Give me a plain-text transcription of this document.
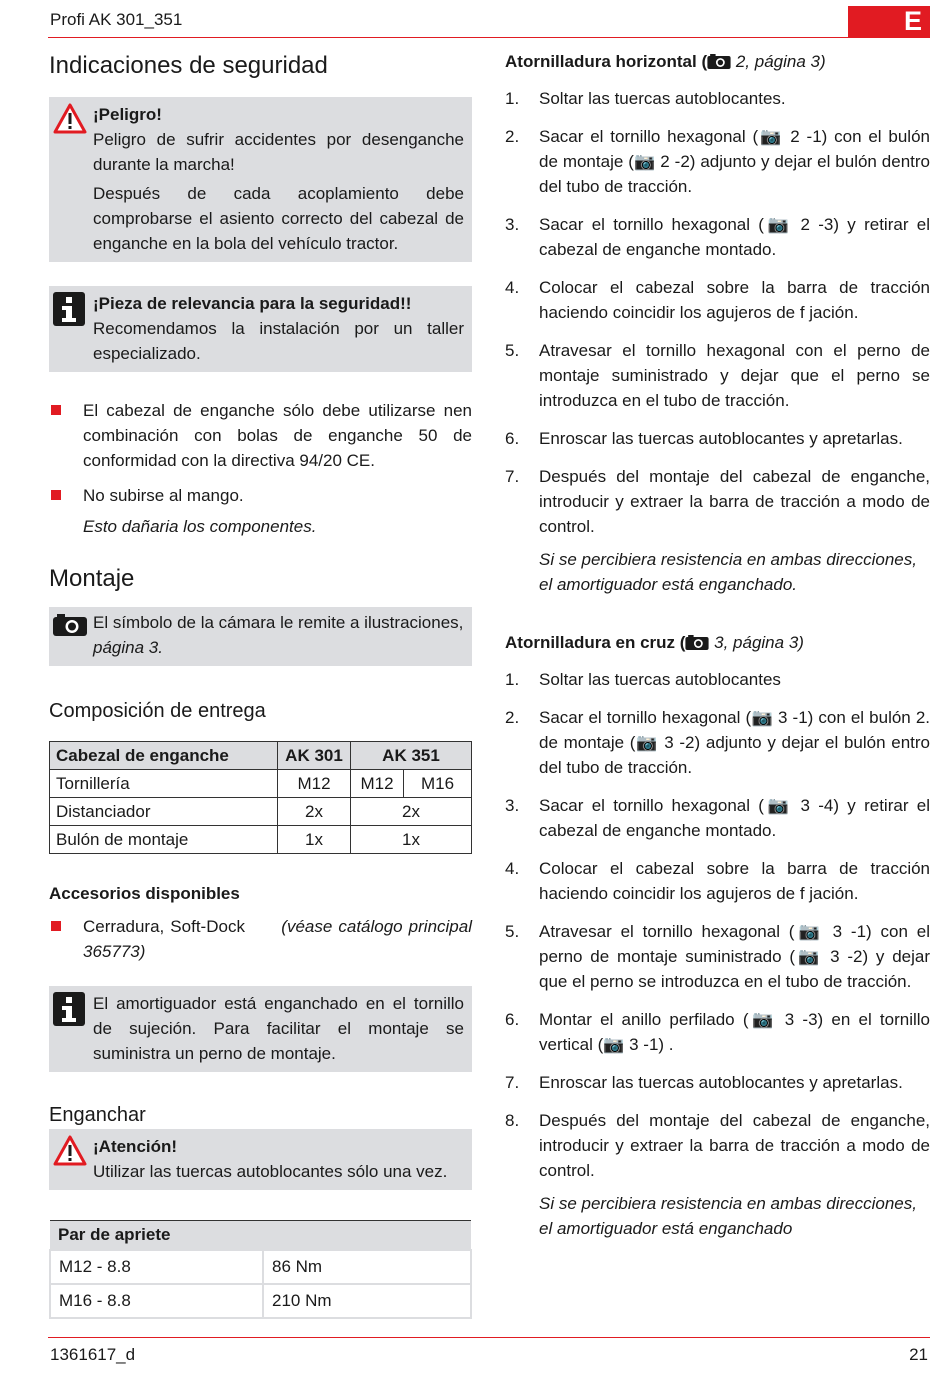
Profi AK 301_351	E
Indicaciones de seguridad

¡Peligro!

Peligro de sufrir accidentes por desenganche durante la marcha!

Después de cada acoplamiento debe comprobarse el asiento correcto del cabezal de enganche en la bola del vehículo tractor.

¡Pieza de relevancia para la seguridad!!

Recomendamos la instalación por un taller especializado.

El cabezal de enganche sólo debe utilizarse nen combinación con bolas de enganche 50 de conformidad con la directiva 94/20 CE.
No subirse al mango.
Esto dañaria los componentes.
Montaje

El símbolo de la cámara le remite a ilustraciones,
página 3.

Composición de entrega
Cabezal de enganche	AK 301	AK 351	
Tornillería	M12	M12	M16
Distanciador	2x	2x	
Bulón de montaje	1x	1x	
Accesorios disponibles
Cerradura, Soft-Dock (véase catálogo principal 365773)

El amortiguador está enganchado en el tornillo de sujeción. Para facilitar el montaje se suministra un perno de montaje.

Enganchar

¡Atención!

Utilizar las tuercas autoblocantes sólo una vez.

Par de apriete	
M12 - 8.8	86 Nm
M16 - 8.8	210 Nm
Atornilladura horizontal ( 2, página 3)
1. Soltar las tuercas autoblocantes.
2. Sacar el tornillo hexagonal (📷 2 -1) con el bulón de montaje (📷 2 -2) adjunto y dejar el bulón dentro del tubo de tracción.
3. Sacar el tornillo hexagonal (📷 2 -3) y retirar el cabezal de enganche montado.
4. Colocar el cabezal sobre la barra de tracción haciendo coincidir los agujeros de f jación.
5. Atravesar el tornillo hexagonal con el perno de montaje suministrado y dejar que el perno se introduzca en el tubo de tracción.
6. Enroscar las tuercas autoblocantes y apretarlas.
7. Después del montaje del cabezal de enganche, introducir y extraer la barra de tracción a modo de control.
Si se percibiera resistencia en ambas direcciones, el amortiguador está enganchado.
Atornilladura en cruz ( 3, página 3)
1. Soltar las tuercas autoblocantes
2. Sacar el tornillo hexagonal (📷 3 -1) con el bulón 2. de montaje (📷 3 -2) adjunto y dejar el bulón entro del tubo de tracción.
3. Sacar el tornillo hexagonal (📷 3 -4) y retirar el cabezal de enganche montado.
4. Colocar el cabezal sobre la barra de tracción haciendo coincidir los agujeros de f jación.
5. Atravesar el tornillo hexagonal (📷 3 -1) con el perno de montaje suministrado (📷 3 -2) y dejar que el perno se introduzca en el tubo de tracción.
6. Montar el anillo perfilado (📷 3 -3) en el tornillo vertical (📷 3 -1) .
7. Enroscar las tuercas autoblocantes y apretarlas.
8. Después del montaje del cabezal de enganche, introducir y extraer la barra de tracción a modo de control.
Si se percibiera resistencia en ambas direcciones, el amortiguador está enganchado
1361617_d	21
